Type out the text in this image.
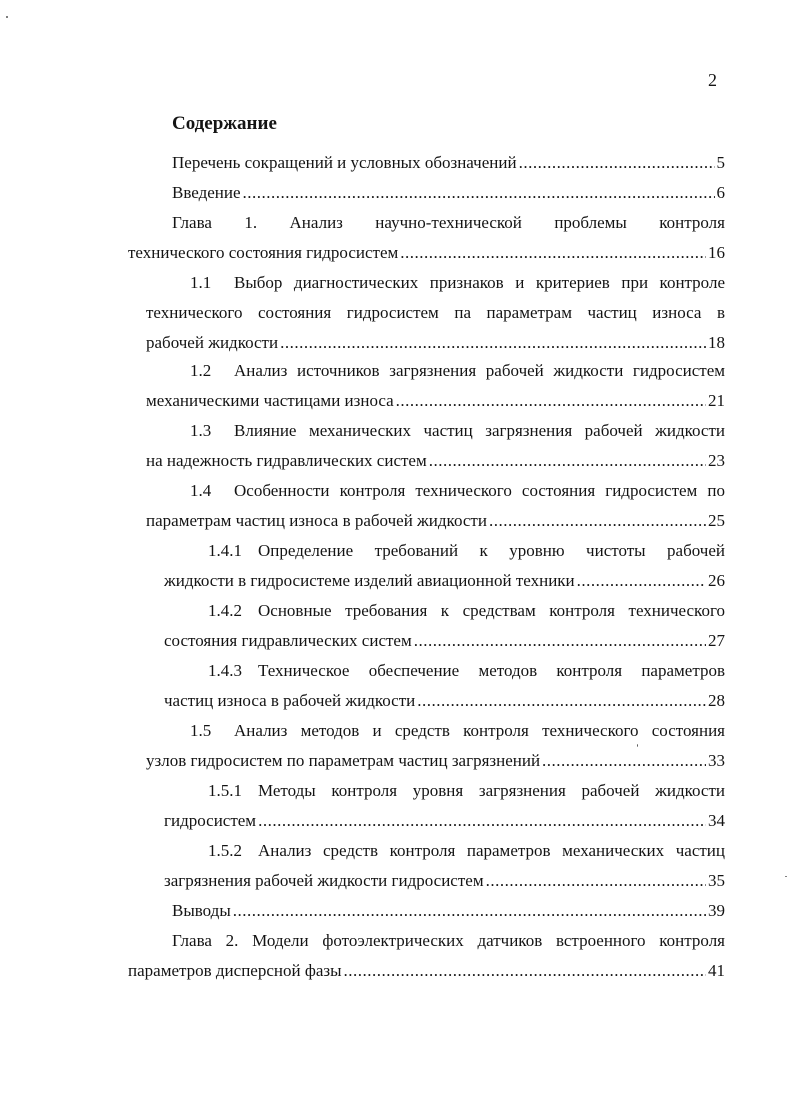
2
Содержание
Перечень сокращений и условных обозначений .....	5
Введение .....	6
Глава 1. Анализ научно-технической проблемы контроля
технического состояния гидросистем .....	16
1.1	Выбор диагностических признаков и критериев при контроле
технического состояния гидросистем па параметрам частиц износа в
рабочей жидкости .....	18
1.2	Анализ источников загрязнения рабочей жидкости гидросистем
механическими частицами износа .....	21
1.3	Влияние механических частиц загрязнения рабочей жидкости
на надежность гидравлических систем .....	23
1.4	Особенности контроля технического состояния гидросистем по
параметрам частиц износа в рабочей жидкости .....	25
1.4.1 Определение требований к уровню чистоты рабочей
жидкости в гидросистеме изделий авиационной техники .....	26
1.4.2 Основные требования к средствам контроля технического
состояния гидравлических систем .....	27
1.4.3 Техническое обеспечение методов контроля параметров
частиц износа в рабочей жидкости .....	28
1.5	Анализ методов и средств контроля технического состояния
узлов гидросистем по параметрам частиц загрязнений .....	33
1.5.1 Методы контроля уровня загрязнения рабочей жидкости
гидросистем .....	34
1.5.2 Анализ средств контроля параметров механических частиц
загрязнения рабочей жидкости гидросистем .....	35
Выводы .....	39
Глава 2. Модели фотоэлектрических датчиков встроенного контроля
параметров дисперсной фазы .....	41
